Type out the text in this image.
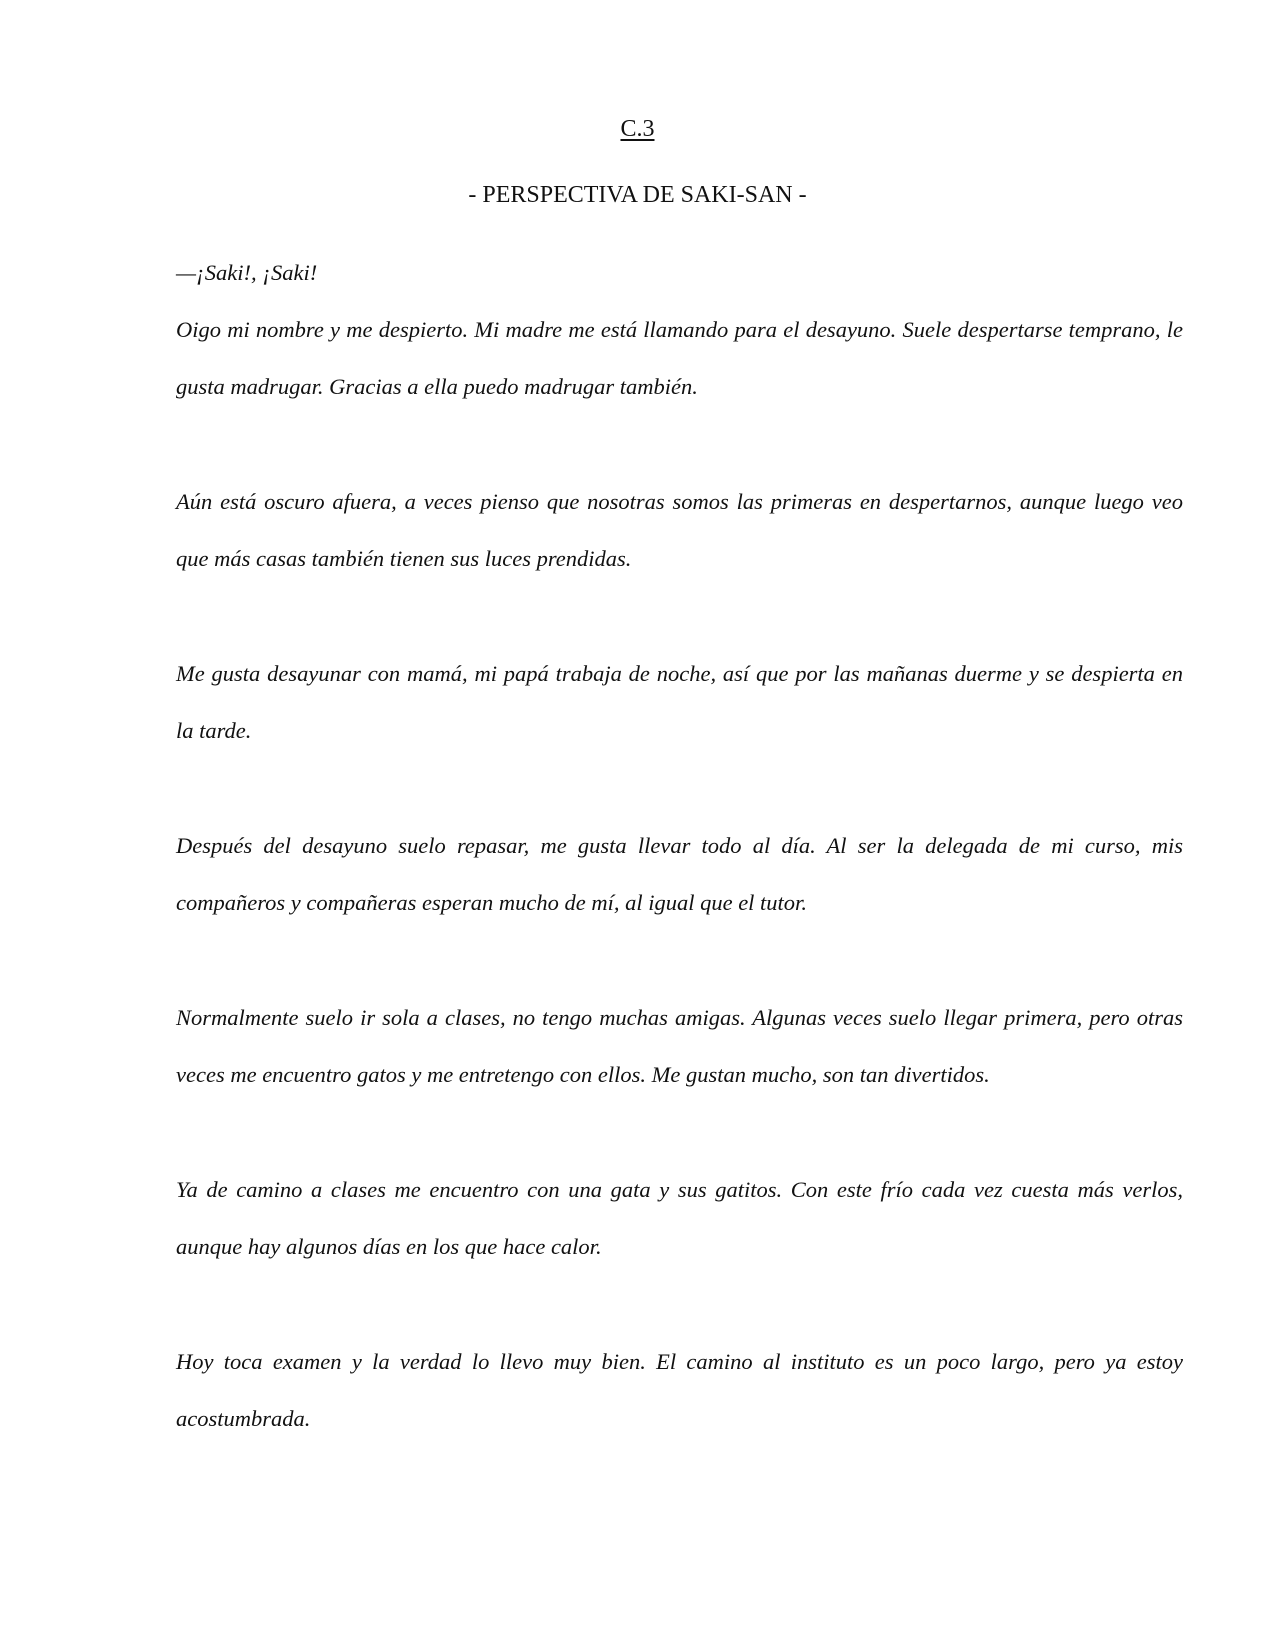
C.3
- PERSPECTIVA DE SAKI-SAN -

—¡Saki!, ¡Saki!

Oigo mi nombre y me despierto. Mi madre me está llamando para el desayuno. Suele despertarse temprano, le gusta madrugar. Gracias a ella puedo madrugar también.

Aún está oscuro afuera, a veces pienso que nosotras somos las primeras en despertarnos, aunque luego veo que más casas también tienen sus luces prendidas.

Me gusta desayunar con mamá, mi papá trabaja de noche, así que por las mañanas duerme y se despierta en la tarde.

Después del desayuno suelo repasar, me gusta llevar todo al día. Al ser la delegada de mi curso, mis compañeros y compañeras esperan mucho de mí, al igual que el tutor.

Normalmente suelo ir sola a clases, no tengo muchas amigas. Algunas veces suelo llegar primera, pero otras veces me encuentro gatos y me entretengo con ellos. Me gustan mucho, son tan divertidos.

Ya de camino a clases me encuentro con una gata y sus gatitos. Con este frío cada vez cuesta más verlos, aunque hay algunos días en los que hace calor.

Hoy toca examen y la verdad lo llevo muy bien. El camino al instituto es un poco largo, pero ya estoy acostumbrada.
